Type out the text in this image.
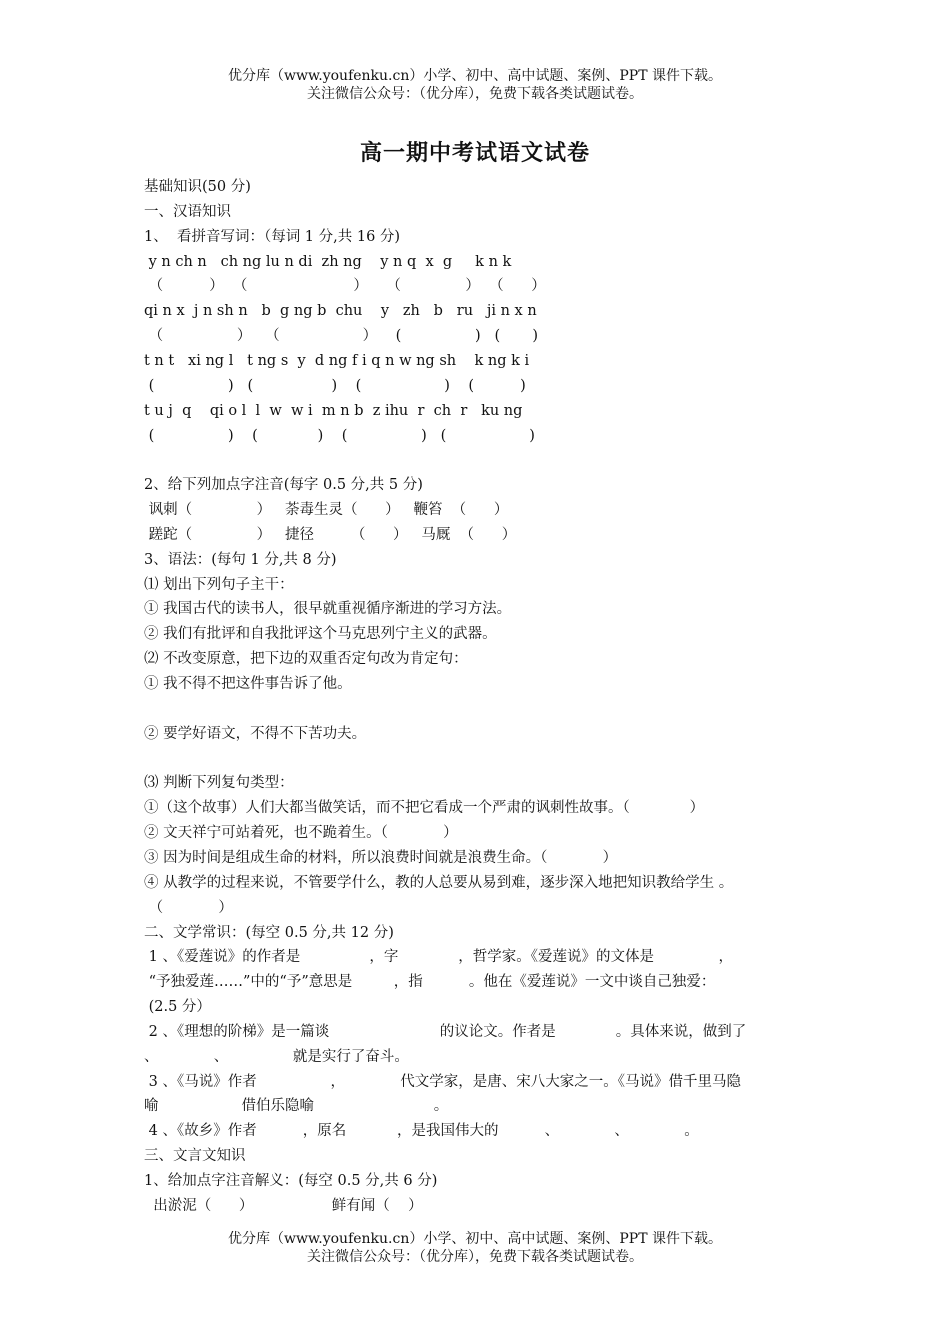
优分库（www.youfenku.cn）小学、初中、高中试题、案例、PPT 课件下载。
关注微信公众号：（优分库），免费下载各类试题试卷。
高一期中考试语文试卷
基础知识(50 分)
一、汉语知识
1、  看拼音写词：（每词 1 分,共 16 分)
y n ch n   ch ng lu n di  zh ng    y n q  x  g     k n k
（          ）  （                       ）    （              ）  （      ）
qi n x  j n sh n   b  g ng b  chu    y   zh   b   ru   ji n x n
（                ）   （                  ）    (                )   (       )
t n t   xi ng l   t ng s  y  d ng f i q n w ng sh    k ng k i
(                )   (                 )    (                  )    (          )
t u j  q    qi o l  l  w  w i  m n b  z ihu  r  ch  r   ku ng
(                )    (             )    (                )   (                  )
2、给下列加点字注音(每字 0.5 分,共 5 分)
讽刺（              ）   荼毒生灵（      ）   鞭笞  （      ）
蹉跎（              ）   捷径        （      ）   马厩  （      ）
3、语法：(每句 1 分,共 8 分)
⑴ 划出下列句子主干：
① 我国古代的读书人，很早就重视循序渐进的学习方法。
② 我们有批评和自我批评这个马克思列宁主义的武器。
⑵ 不改变原意，把下边的双重否定句改为肯定句：
① 我不得不把这件事告诉了他。
② 要学好语文，不得不下苦功夫。
⑶ 判断下列复句类型：
①（这个故事）人们大都当做笑话，而不把它看成一个严肃的讽刺性故事。（             ）
② 文天祥宁可站着死，也不跪着生。（            ）
③ 因为时间是组成生命的材料，所以浪费时间就是浪费生命。（            ）
④ 从教学的过程来说，不管要学什么，教的人总要从易到难，逐步深入地把知识教给学生 。
（            ）
二、文学常识：(每空 0.5 分,共 12 分)
1 、《爱莲说》的作者是               ，字             ，哲学家。《爱莲说》的文体是              ，
“予独爱莲……”中的“予”意思是         ，指          。他在《爱莲说》一文中谈自己独爱：
(2.5 分）
2 、《理想的阶梯》是一篇谈                        的议论文。作者是             。具体来说，做到了
、            、              就是实行了奋斗。
3 、《马说》作者                ，            代文学家，是唐、宋八大家之一。《马说》借千里马隐
喻                  借伯乐隐喻                          。
4 、《故乡》作者          ，原名           ，是我国伟大的          、            、            。
三、文言文知识
1、给加点字注音解义：(每空 0.5 分,共 6 分)
出淤泥（      ）                 鲜有闻（    ）
优分库（www.youfenku.cn）小学、初中、高中试题、案例、PPT 课件下载。
关注微信公众号：（优分库），免费下载各类试题试卷。
